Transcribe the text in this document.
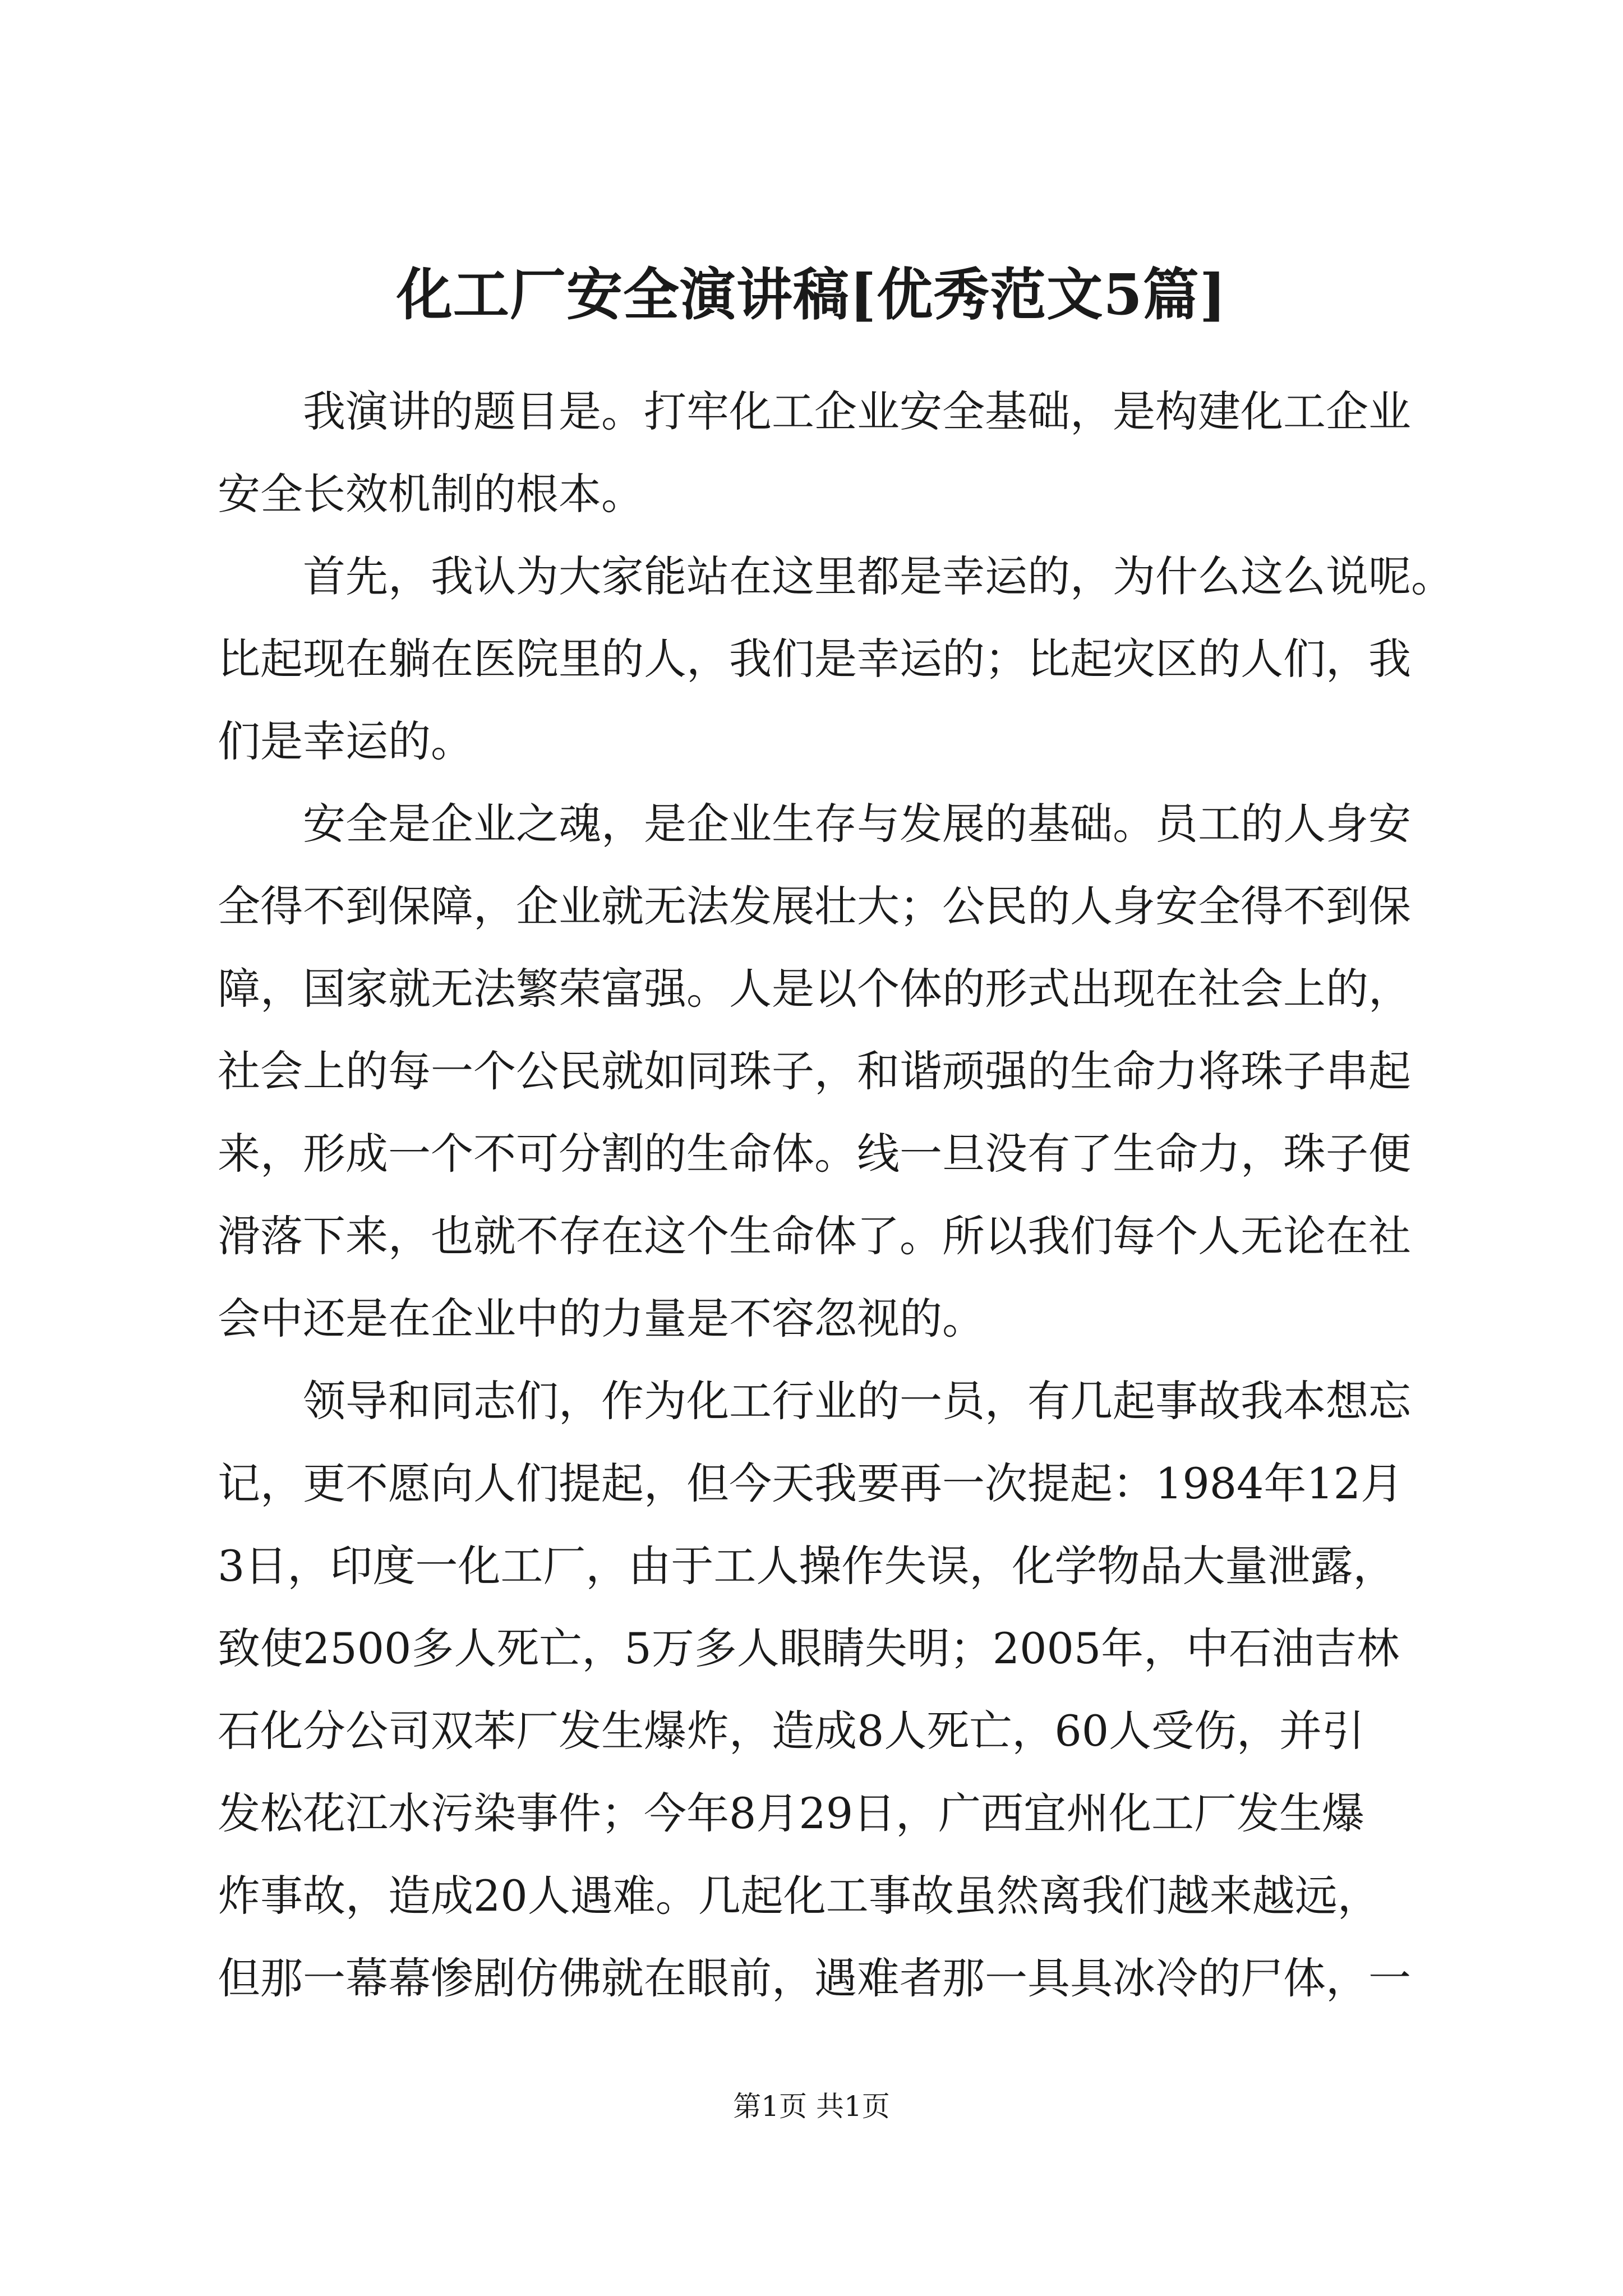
化工厂安全演讲稿[优秀范文5篇]
　　我演讲的题目是。打牢化工企业安全基础，是构建化工企业
安全长效机制的根本。
　　首先，我认为大家能站在这里都是幸运的，为什么这么说呢。
比起现在躺在医院里的人，我们是幸运的；比起灾区的人们，我
们是幸运的。
　　安全是企业之魂，是企业生存与发展的基础。员工的人身安
全得不到保障，企业就无法发展壮大；公民的人身安全得不到保
障，国家就无法繁荣富强。人是以个体的形式出现在社会上的，
社会上的每一个公民就如同珠子，和谐顽强的生命力将珠子串起
来，形成一个不可分割的生命体。线一旦没有了生命力，珠子便
滑落下来，也就不存在这个生命体了。所以我们每个人无论在社
会中还是在企业中的力量是不容忽视的。
　　领导和同志们，作为化工行业的一员，有几起事故我本想忘
记，更不愿向人们提起，但今天我要再一次提起：1984年12月
3日，印度一化工厂，由于工人操作失误，化学物品大量泄露，
致使2500多人死亡，5万多人眼睛失明；2005年，中石油吉林
石化分公司双苯厂发生爆炸，造成8人死亡，60人受伤，并引
发松花江水污染事件；今年8月29日，广西宜州化工厂发生爆
炸事故，造成20人遇难。几起化工事故虽然离我们越来越远，
但那一幕幕惨剧仿佛就在眼前，遇难者那一具具冰冷的尸体，一
第1页 共1页
